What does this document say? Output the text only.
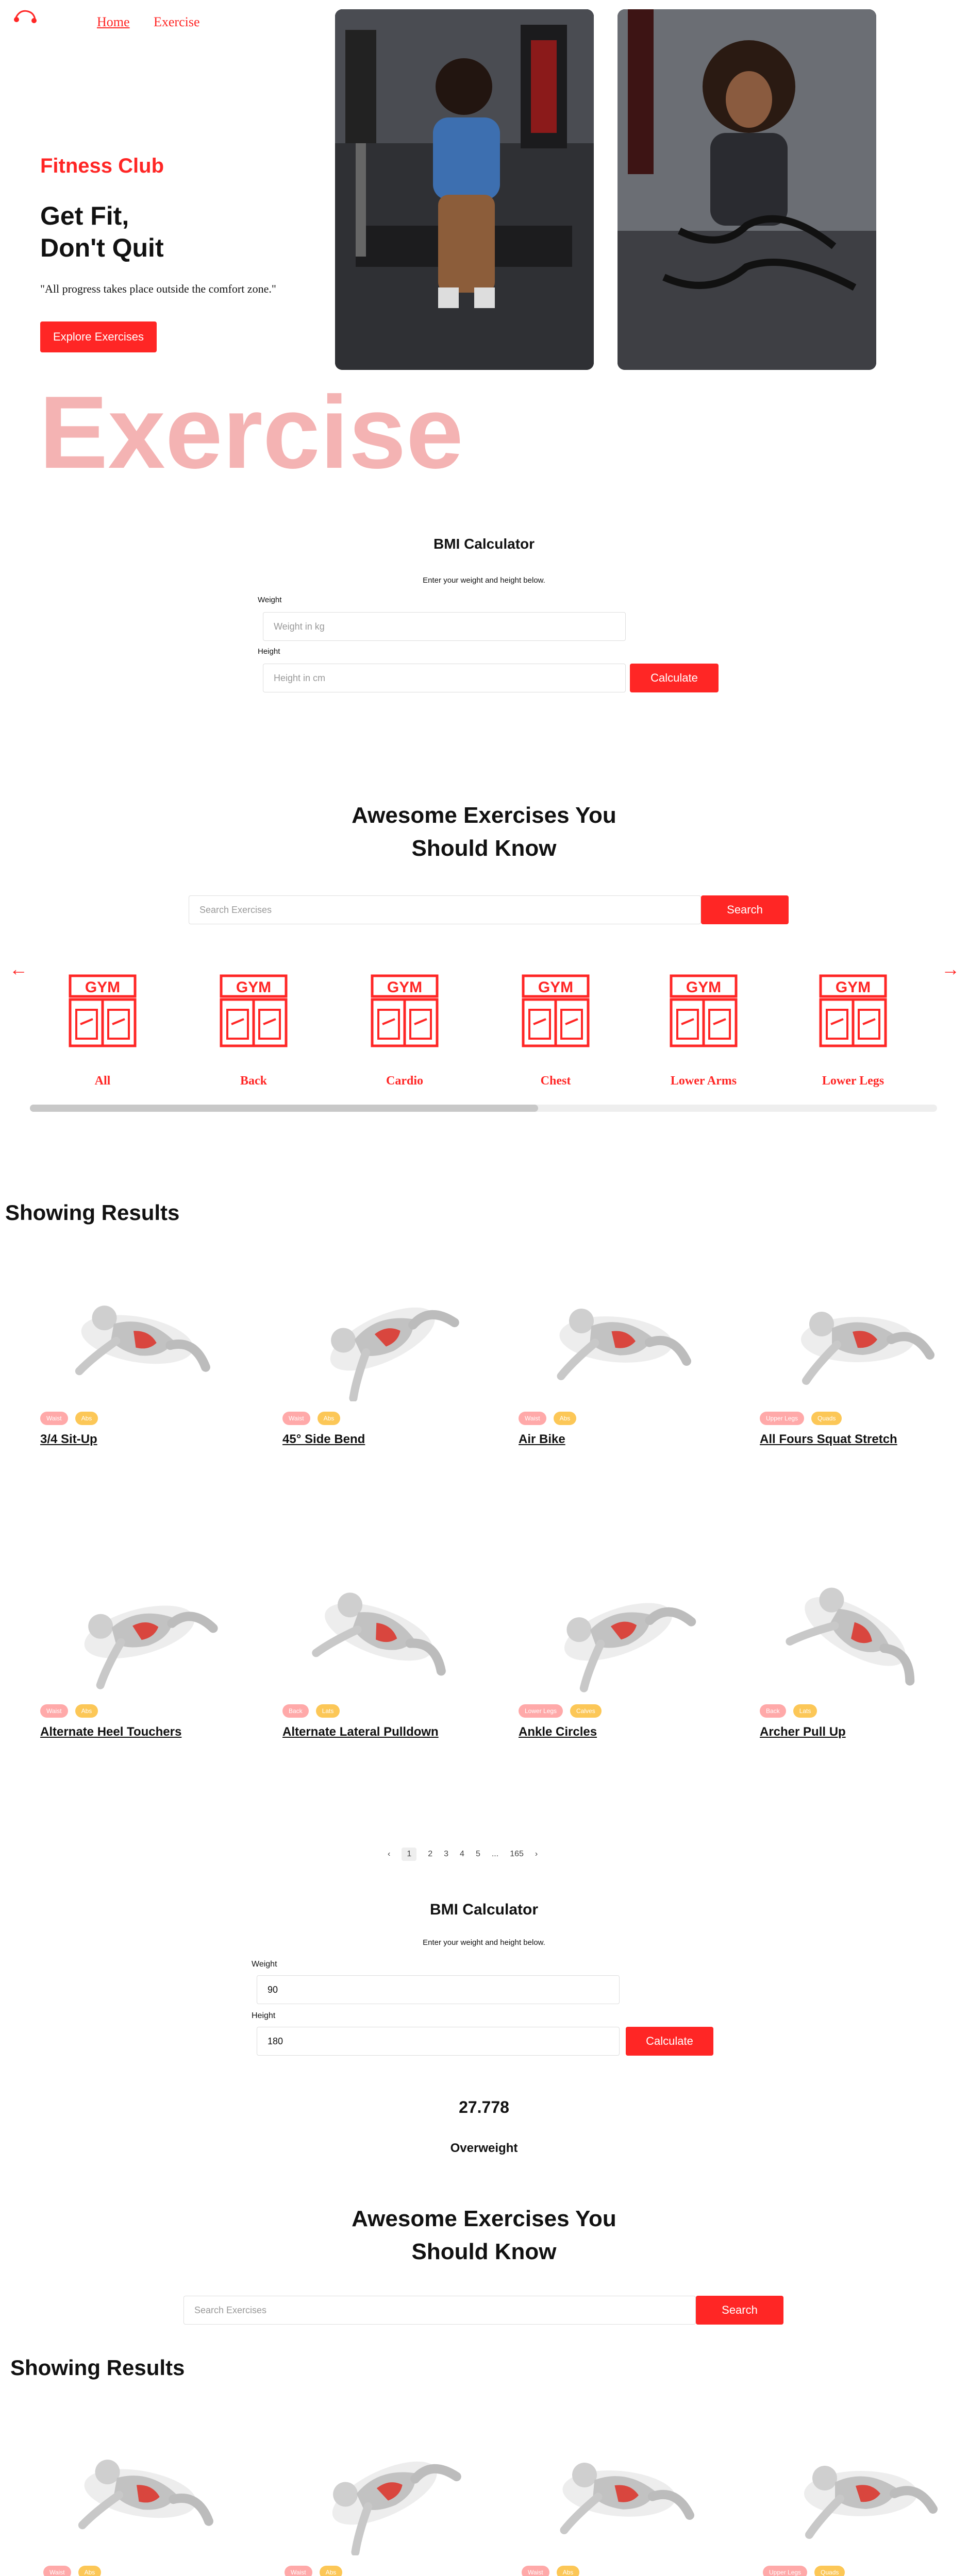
Home Exercise
Fitness Club
Get Fit,
Don't Quit
"All progress takes place outside the comfort zone."
Explore Exercises
Exercise
BMI Calculator
Enter your weight and height below.
Weight
Weight in kg
Height
Height in cm	Calculate
Awesome Exercises You
Should Know
Search Exercises	Search
←	→
GYM
All
GYM
Back
GYM
Cardio
GYM
Chest
GYM
Lower Arms
GYM
Lower Legs
Showing Results
Waist	Abs
3/4 Sit-Up
Waist	Abs
45° Side Bend
Waist	Abs
Air Bike
Upper Legs	Quads
All Fours Squat Stretch
Waist	Abs
Alternate Heel Touchers
Back	Lats
Alternate Lateral Pulldown
Lower Legs	Calves
Ankle Circles
Back	Lats
Archer Pull Up
‹	1	2 3 4 5 ... 165 ›
BMI Calculator
Enter your weight and height below.
Weight
90
Height
180	Calculate
27.778
Overweight
Awesome Exercises You
Should Know
Search Exercises	Search
Showing Results
Waist	Abs	Waist	Abs	Waist	Abs	Upper Legs	Quads
